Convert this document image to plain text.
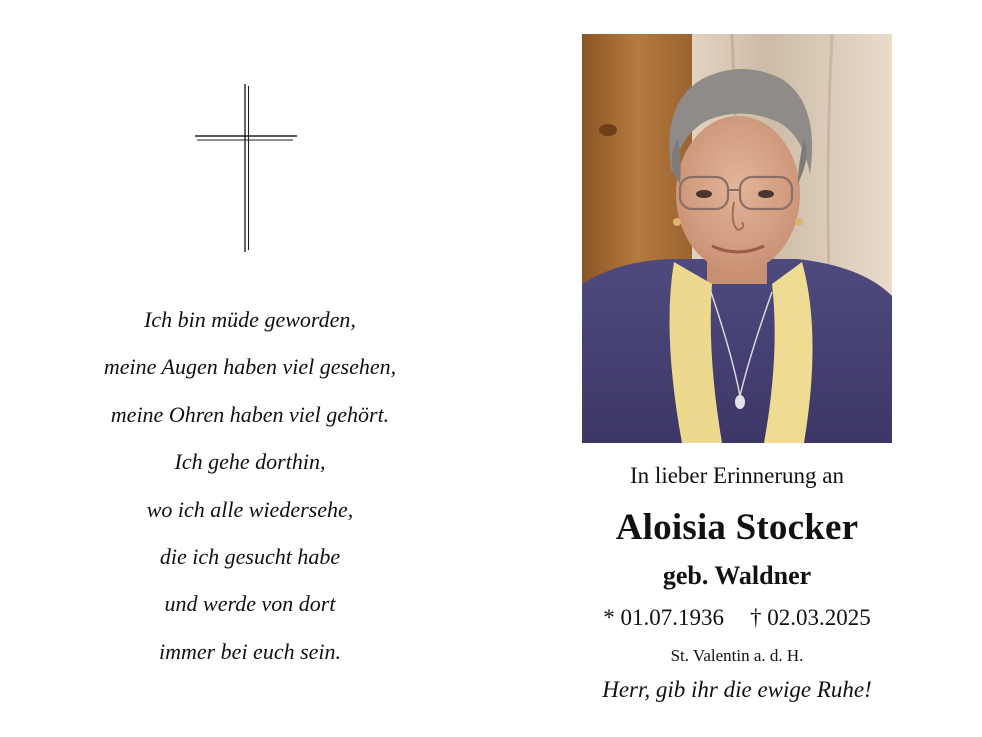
Ich bin müde geworden,
meine Augen haben viel gesehen,
meine Ohren haben viel gehört.
Ich gehe dorthin,
wo ich alle wiedersehe,
die ich gesucht habe
und werde von dort
immer bei euch sein.
In lieber Erinnerung an
Aloisia Stocker
geb. Waldner
* 01.07.1936 † 02.03.2025
St. Valentin a. d. H.
Herr, gib ihr die ewige Ruhe!
